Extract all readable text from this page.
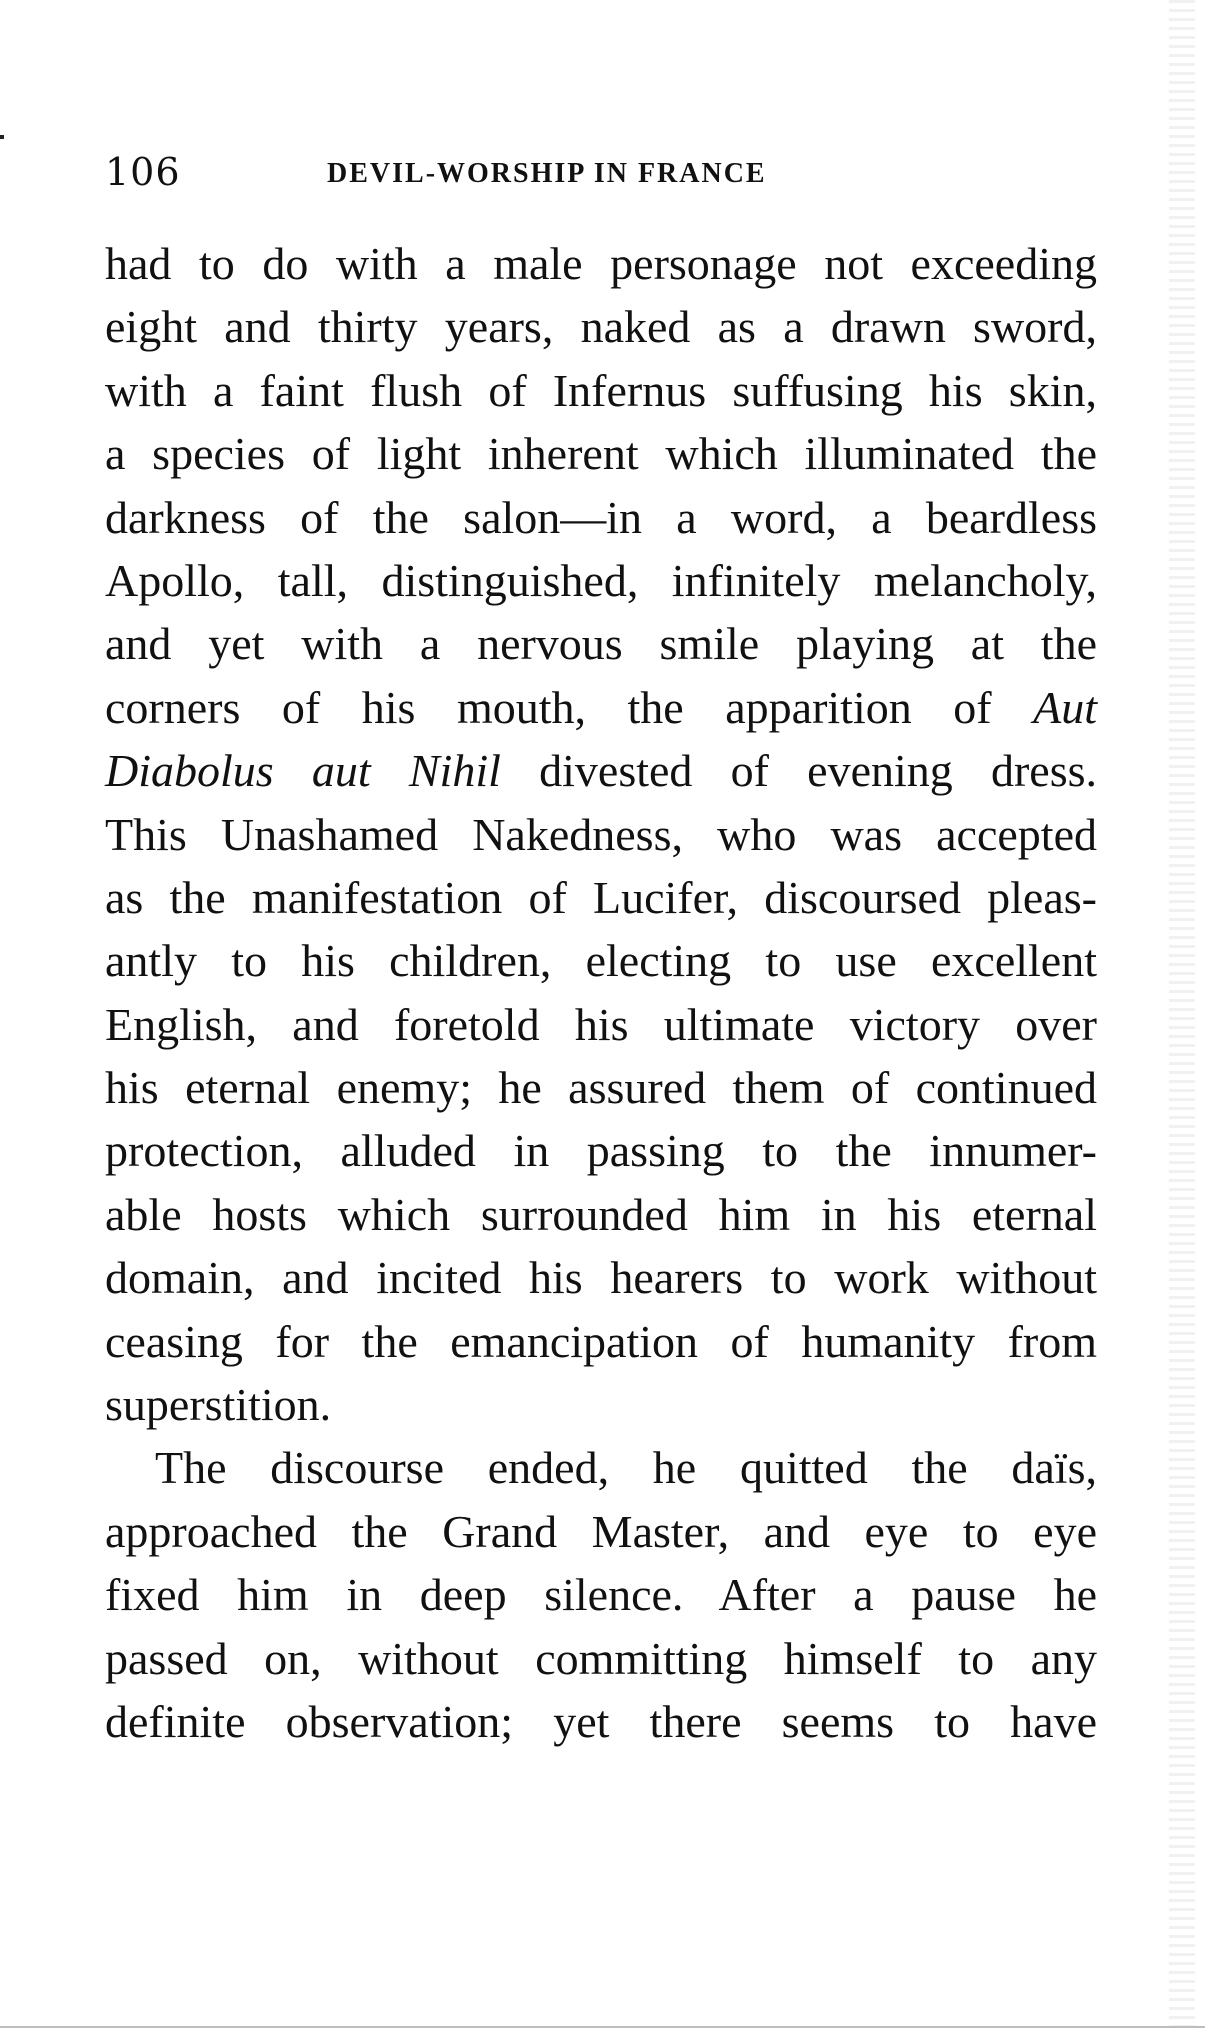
106	DEVIL-WORSHIP IN FRANCE
had to do with a male personage not exceeding
eight and thirty years, naked as a drawn sword,
with a faint flush of Infernus suffusing his skin,
a species of light inherent which illuminated the
darkness of the salon—in a word, a beardless
Apollo, tall, distinguished, infinitely melancholy,
and yet with a nervous smile playing at the
corners of his mouth, the apparition of Aut
Diabolus aut Nihil divested of evening dress.
This Unashamed Nakedness, who was accepted
as the manifestation of Lucifer, discoursed pleas-
antly to his children, electing to use excellent
English, and foretold his ultimate victory over
his eternal enemy; he assured them of continued
protection, alluded in passing to the innumer-
able hosts which surrounded him in his eternal
domain, and incited his hearers to work without
ceasing for the emancipation of humanity from
superstition.
The discourse ended, he quitted the daïs,
approached the Grand Master, and eye to eye
fixed him in deep silence. After a pause he
passed on, without committing himself to any
definite observation; yet there seems to have
